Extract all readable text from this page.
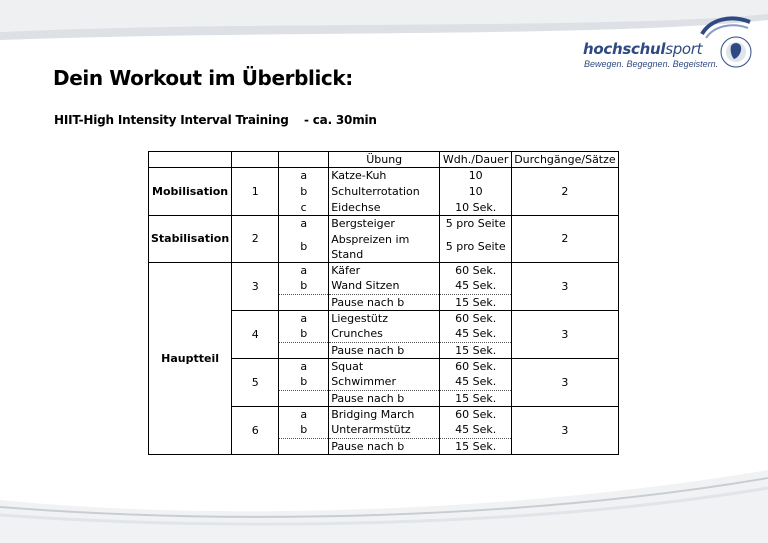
hochschulsport
Bewegen. Begegnen. Begeistern.
Dein Workout im Überblick:
HIIT-High Intensity Interval Training - ca. 30min
			Übung	Wdh./Dauer	Durchgänge/Sätze
Mobilisation	1	a	Katze-Kuh	10	2
		b	Schulterrotation	10	
		c	Eidechse	10 Sek.	
Stabilisation	2	a	Bergsteiger	5 pro Seite	2
		b	Abspreizen im Stand	5 pro Seite	
Hauptteil	3	a	Käfer	60 Sek.	3
		b	Wand Sitzen	45 Sek.	
			Pause nach b	15 Sek.	
	4	a	Liegestütz	60 Sek.	3
		b	Crunches	45 Sek.	
			Pause nach b	15 Sek.	
	5	a	Squat	60 Sek.	3
		b	Schwimmer	45 Sek.	
			Pause nach b	15 Sek.	
	6	a	Bridging March	60 Sek.	3
		b	Unterarmstütz	45 Sek.	
			Pause nach b	15 Sek.	
